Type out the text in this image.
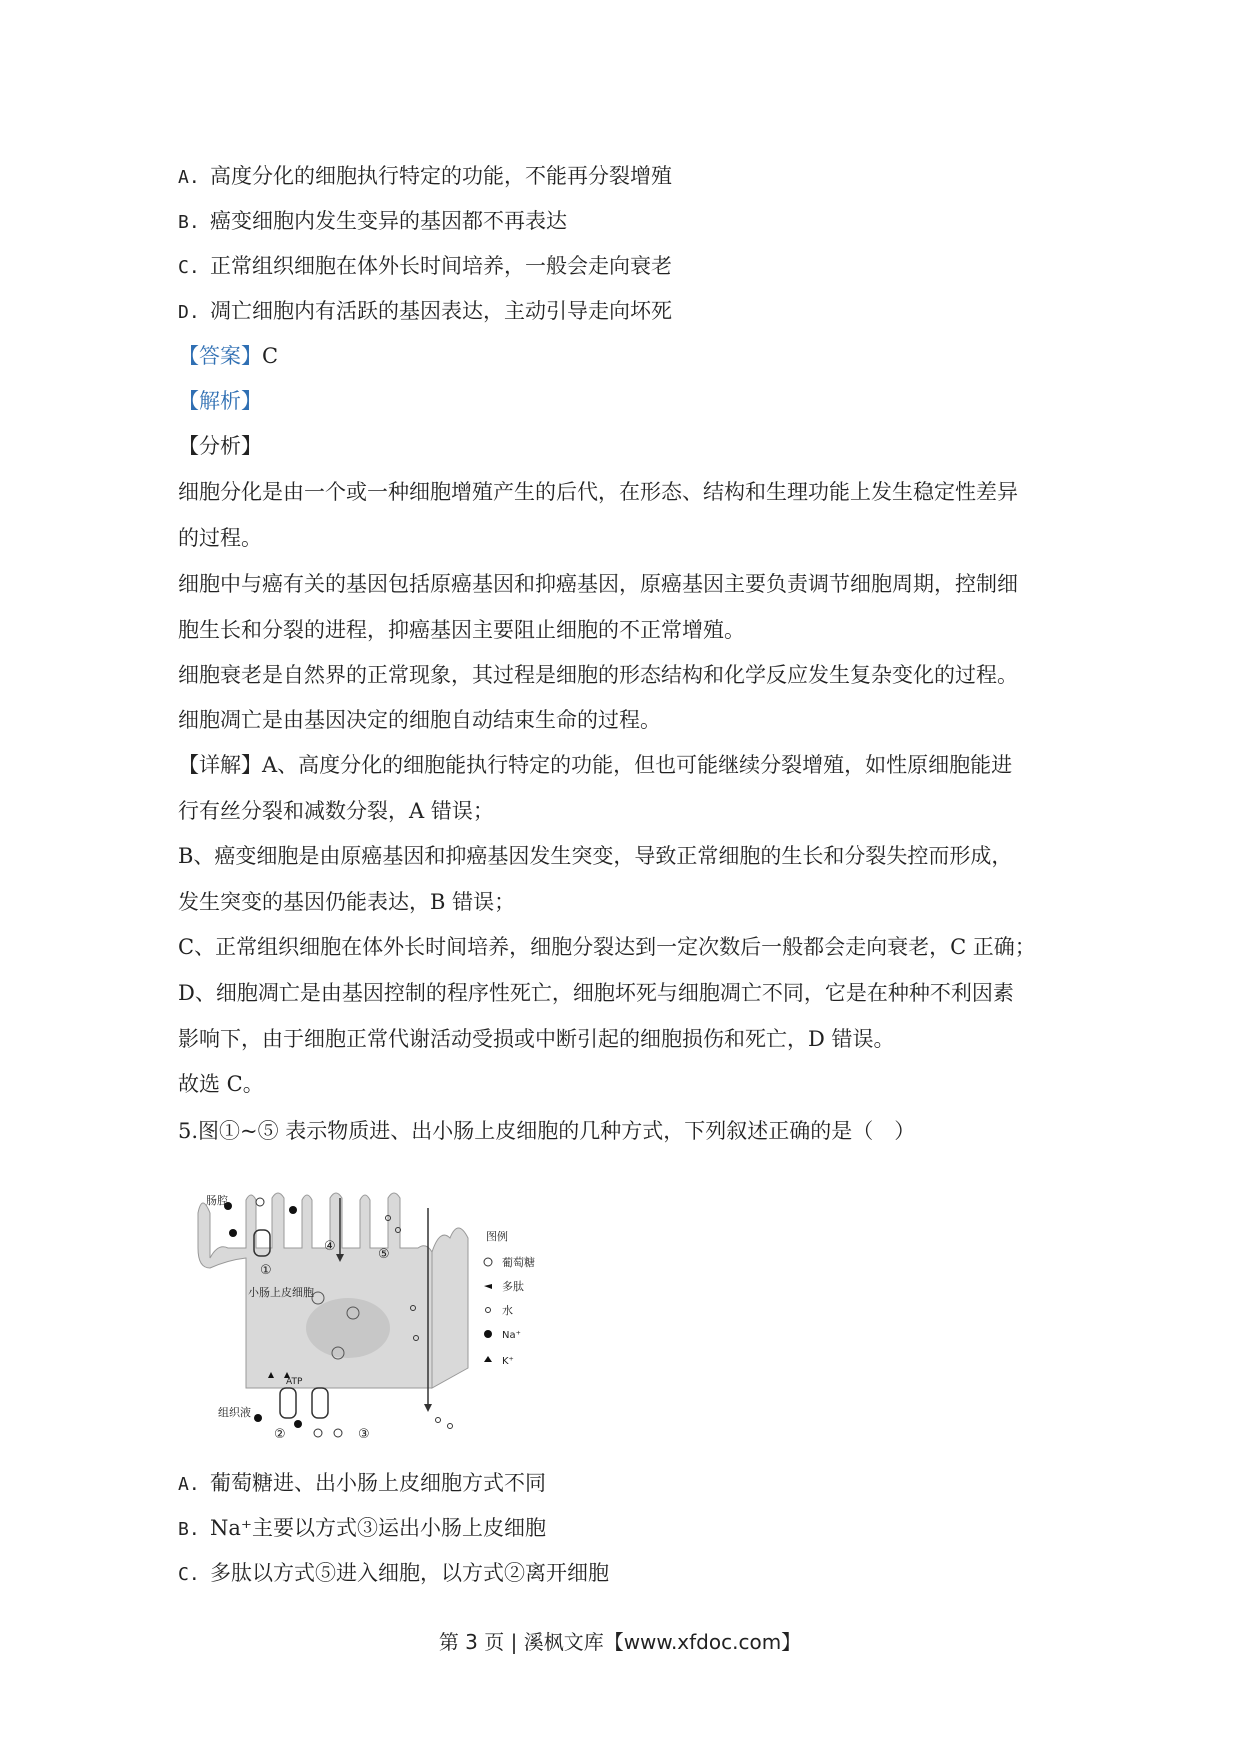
A. 高度分化的细胞执行特定的功能，不能再分裂增殖
B. 癌变细胞内发生变异的基因都不再表达
C. 正常组织细胞在体外长时间培养，一般会走向衰老
D. 凋亡细胞内有活跃的基因表达，主动引导走向坏死
【答案】C
【解析】
【分析】
细胞分化是由一个或一种细胞增殖产生的后代，在形态、结构和生理功能上发生稳定性差异
的过程。
细胞中与癌有关的基因包括原癌基因和抑癌基因，原癌基因主要负责调节细胞周期，控制细
胞生长和分裂的进程，抑癌基因主要阻止细胞的不正常增殖。
细胞衰老是自然界的正常现象，其过程是细胞的形态结构和化学反应发生复杂变化的过程。
细胞凋亡是由基因决定的细胞自动结束生命的过程。
【详解】A、高度分化的细胞能执行特定的功能，但也可能继续分裂增殖，如性原细胞能进
行有丝分裂和减数分裂，A 错误；
B、癌变细胞是由原癌基因和抑癌基因发生突变，导致正常细胞的生长和分裂失控而形成，
发生突变的基因仍能表达，B 错误；
C、正常组织细胞在体外长时间培养，细胞分裂达到一定次数后一般都会走向衰老，C 正确；
D、细胞凋亡是由基因控制的程序性死亡，细胞坏死与细胞凋亡不同，它是在种种不利因素
影响下，由于细胞正常代谢活动受损或中断引起的细胞损伤和死亡，D 错误。
故选 C。
5.图①~⑤ 表示物质进、出小肠上皮细胞的几种方式，下列叙述正确的是（　）
肠腔
小肠上皮细胞
组织液
ATP
①
②	③
④
⑤
图例
葡萄糖
多肽
水
Na⁺
K⁺
A. 葡萄糖进、出小肠上皮细胞方式不同
B. Na⁺主要以方式③运出小肠上皮细胞
C. 多肽以方式⑤进入细胞，以方式②离开细胞
第 3 页 | 溪枫文库【www.xfdoc.com】
